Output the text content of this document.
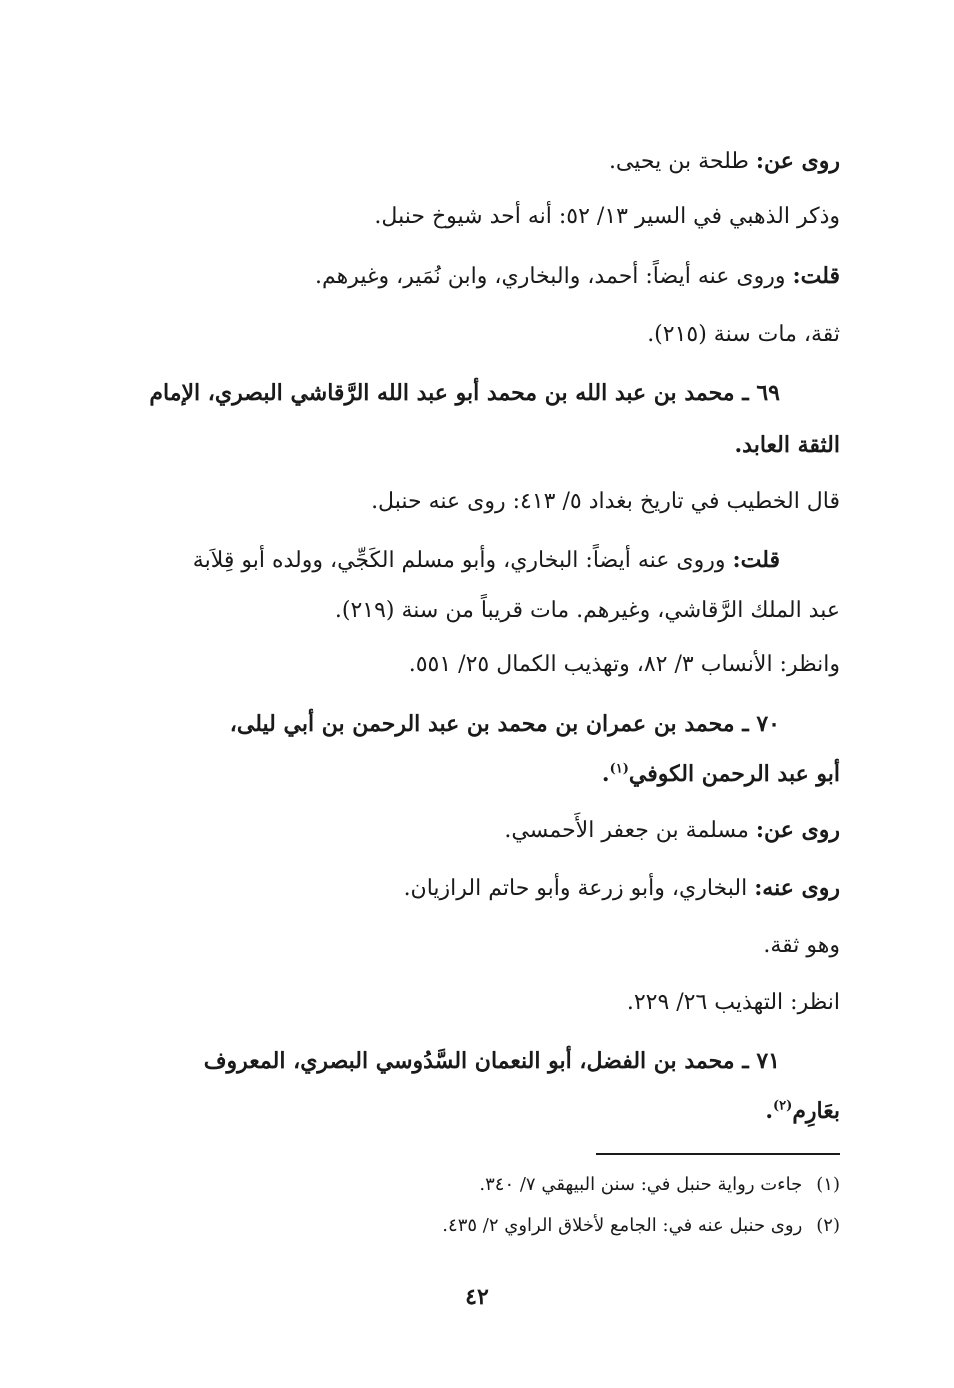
روى عن: طلحة بن يحيى.
وذكر الذهبي في السير ١٣/ ٥٢: أنه أحد شيوخ حنبل.
قلت: وروى عنه أيضاً: أحمد، والبخاري، وابن نُمَير، وغيرهم.
ثقة، مات سنة (٢١٥).
٦٩ ـ محمد بن عبد الله بن محمد أبو عبد الله الرَّقاشي البصري، الإمام
الثقة العابد.
قال الخطيب في تاريخ بغداد ٥/ ٤١٣: روى عنه حنبل.
قلت: وروى عنه أيضاً: البخاري، وأبو مسلم الكَجِّي، وولده أبو قِلاَبة
عبد الملك الرَّقاشي، وغيرهم. مات قريباً من سنة (٢١٩).
وانظر: الأنساب ٣/ ٨٢، وتهذيب الكمال ٢٥/ ٥٥١.
٧٠ ـ محمد بن عمران بن محمد بن عبد الرحمن بن أبي ليلى،
أبو عبد الرحمن الكوفي$^{(١)}$.
روى عن: مسلمة بن جعفر الأَحمسي.
روى عنه: البخاري، وأبو زرعة وأبو حاتم الرازيان.
وهو ثقة.
انظر: التهذيب ٢٦/ ٢٢٩.
٧١ ـ محمد بن الفضل، أبو النعمان السَّدُوسي البصري، المعروف
بعَارِم$^{(٢)}$.
(١)جاءت رواية حنبل في: سنن البيهقي ٧/ ٣٤٠.
(٢)روى حنبل عنه في: الجامع لأخلاق الراوي ٢/ ٤٣٥.
٤٢
